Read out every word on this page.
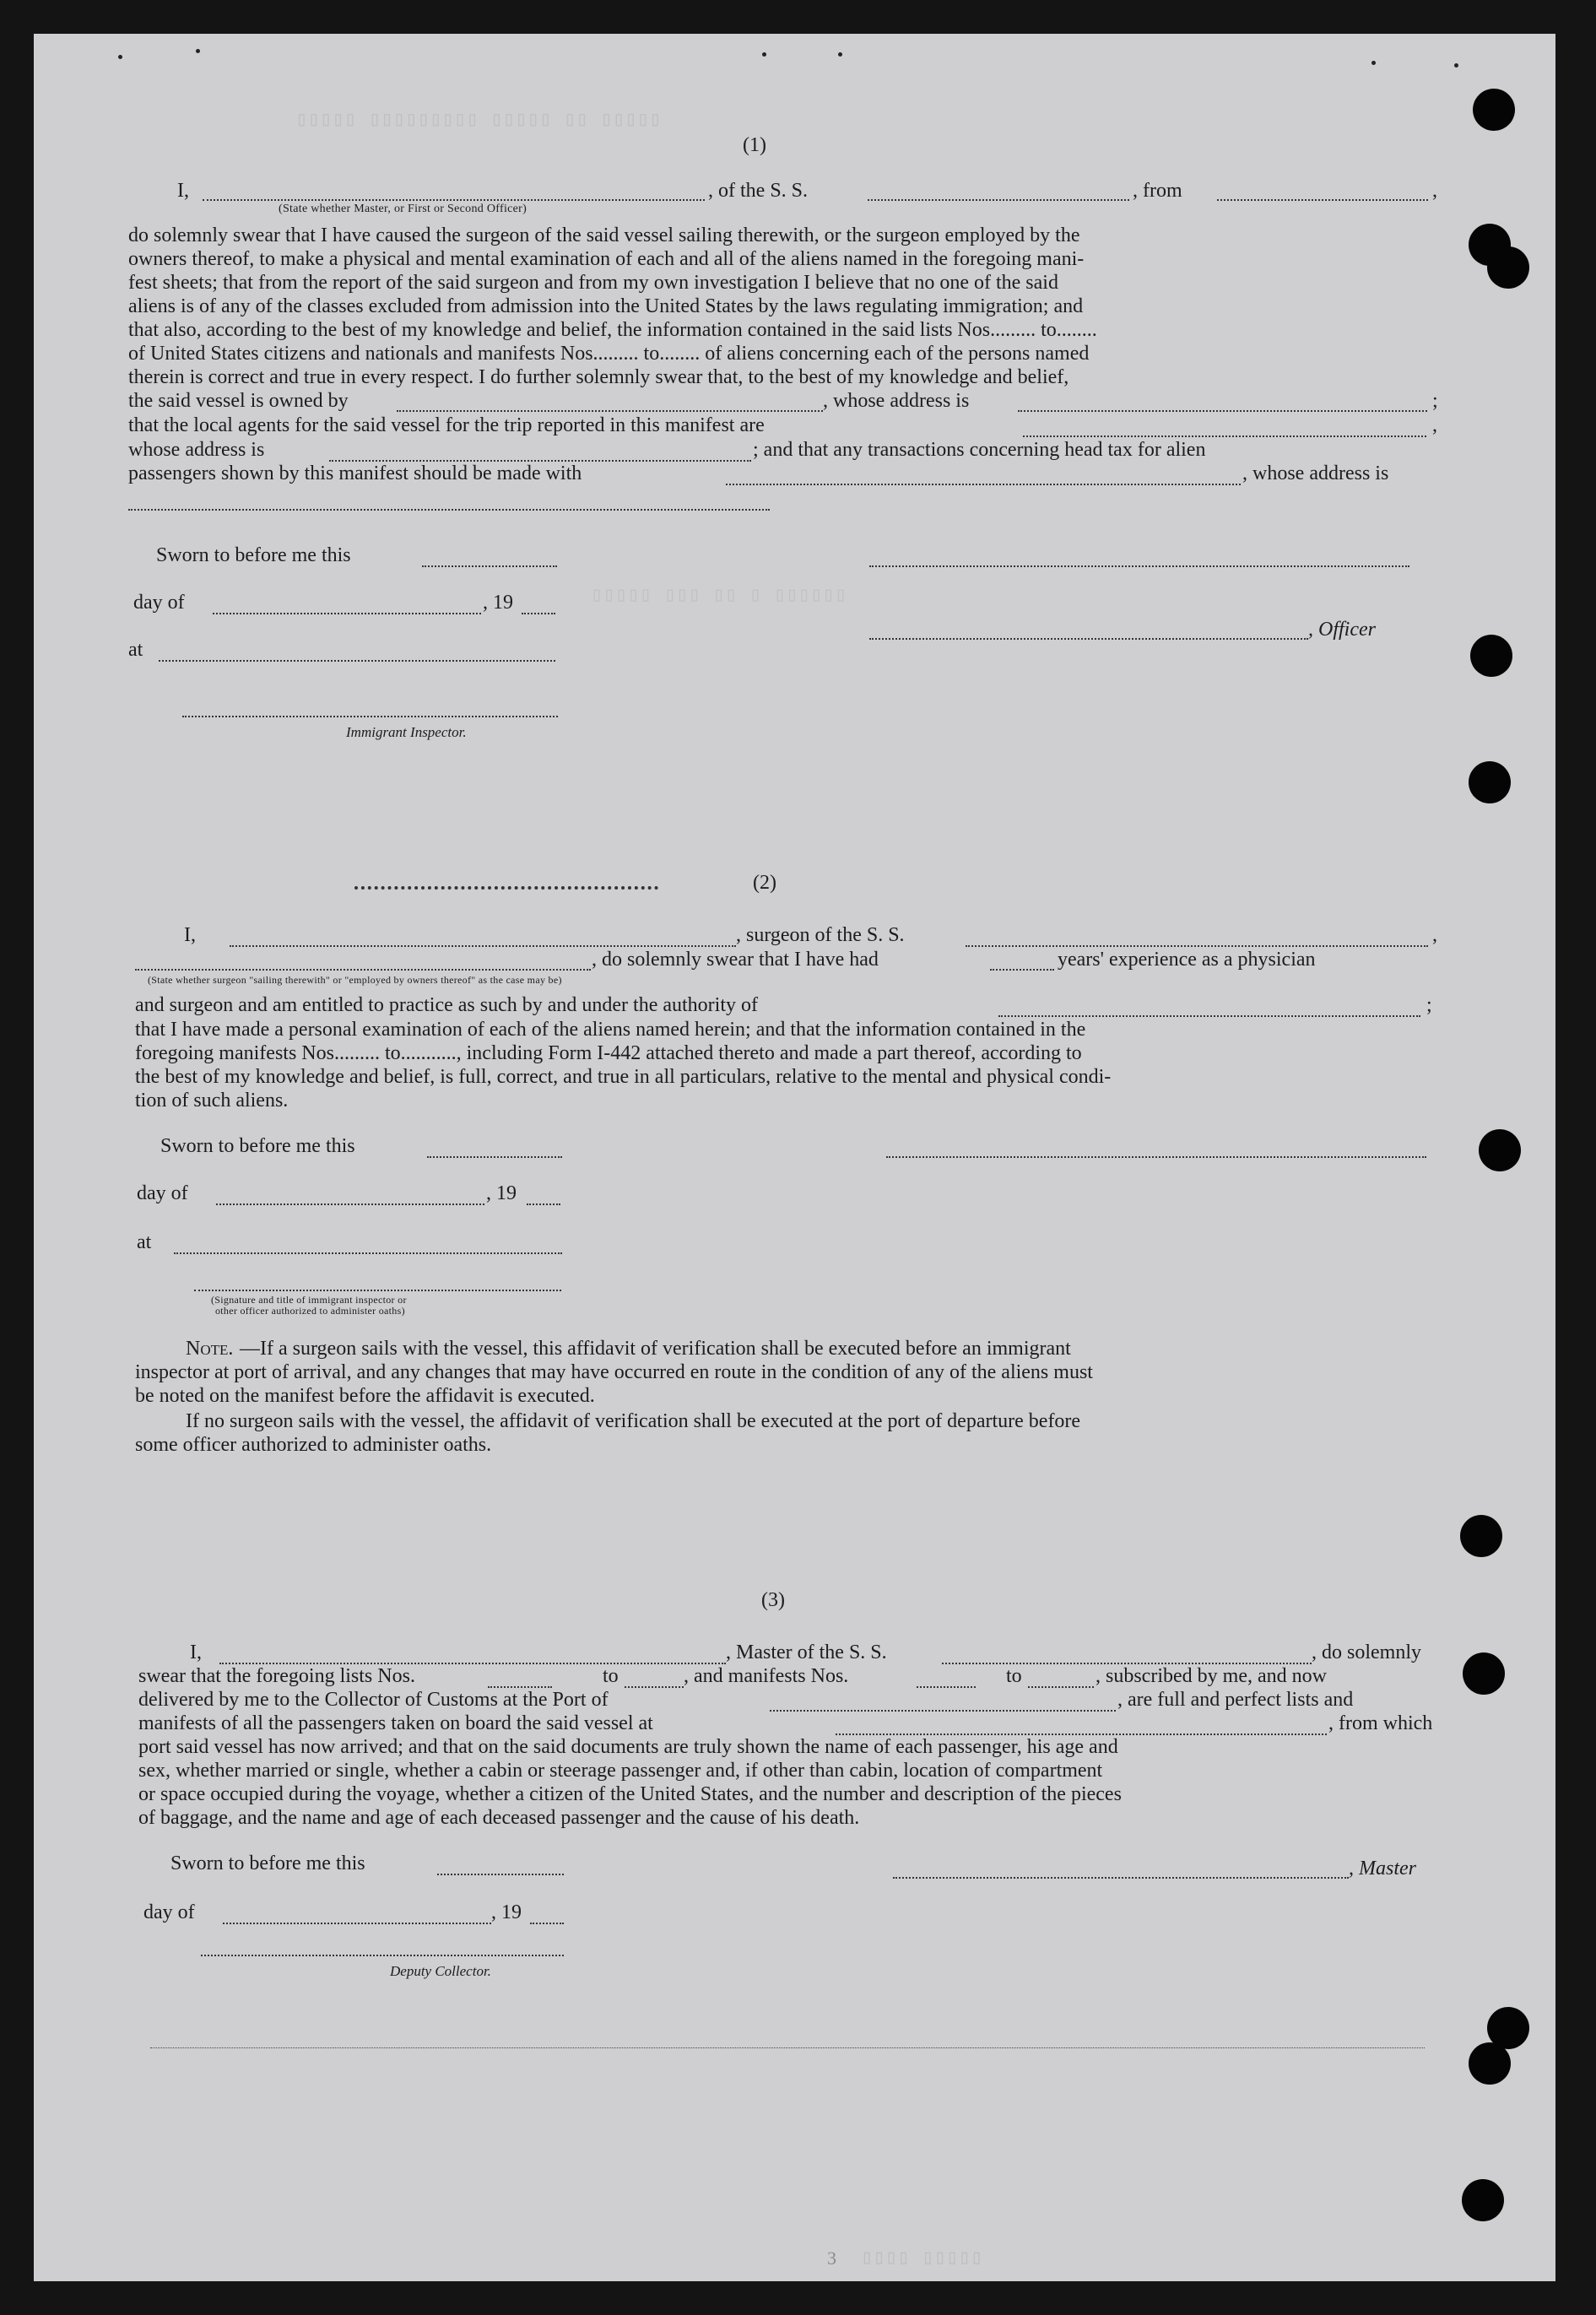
▯▯▯▯▯ ▯▯ ▯▯▯▯▯ ▯▯▯▯▯▯▯▯▯ ▯▯▯▯▯
▯▯▯▯▯ ▯▯▯ ▯▯ ▯ ▯▯▯▯▯▯
(1)
I,	, of the S. S.	, from	,
(State whether Master, or First or Second Officer)
do solemnly swear that I have caused the surgeon of the said vessel sailing therewith, or the surgeon employed by the
owners thereof, to make a physical and mental examination of each and all of the aliens named in the foregoing mani-
fest sheets; that from the report of the said surgeon and from my own investigation I believe that no one of the said
aliens is of any of the classes excluded from admission into the United States by the laws regulating immigration; and
that also, according to the best of my knowledge and belief, the information contained in the said lists Nos......... to........
of United States citizens and nationals and manifests Nos......... to........ of aliens concerning each of the persons named
therein is correct and true in every respect. I do further solemnly swear that, to the best of my knowledge and belief,
the said vessel is owned by	, whose address is	;
that the local agents for the said vessel for the trip reported in this manifest are	,
whose address is	; and that any transactions concerning head tax for alien
passengers shown by this manifest should be made with	, whose address is
Sworn to before me this
day of	, 19
, Officer
at
Immigrant Inspector.
(2)
I,	, surgeon of the S. S.	,
, do solemnly swear that I have had	years' experience as a physician
(State whether surgeon "sailing therewith" or "employed by owners thereof" as the case may be)
and surgeon and am entitled to practice as such by and under the authority of	;
that I have made a personal examination of each of the aliens named herein; and that the information contained in the
foregoing manifests Nos......... to..........., including Form I-442 attached thereto and made a part thereof, according to
the best of my knowledge and belief, is full, correct, and true in all particulars, relative to the mental and physical condi-
tion of such aliens.
Sworn to before me this
day of	, 19
at
(Signature and title of immigrant inspector or
other officer authorized to administer oaths)
Note. —If a surgeon sails with the vessel, this affidavit of verification shall be executed before an immigrant
inspector at port of arrival, and any changes that may have occurred en route in the condition of any of the aliens must
be noted on the manifest before the affidavit is executed.
If no surgeon sails with the vessel, the affidavit of verification shall be executed at the port of departure before
some officer authorized to administer oaths.
(3)
I,	, Master of the S. S.	, do solemnly
swear that the foregoing lists Nos.	to	, and manifests Nos.	to	, subscribed by me, and now
delivered by me to the Collector of Customs at the Port of	, are full and perfect lists and
manifests of all the passengers taken on board the said vessel at	, from which
port said vessel has now arrived; and that on the said documents are truly shown the name of each passenger, his age and
sex, whether married or single, whether a cabin or steerage passenger and, if other than cabin, location of compartment
or space occupied during the voyage, whether a citizen of the United States, and the number and description of the pieces
of baggage, and the name and age of each deceased passenger and the cause of his death.
Sworn to before me this	, Master
day of	, 19
Deputy Collector.
3 ▯▯▯▯ ▯▯▯▯▯
